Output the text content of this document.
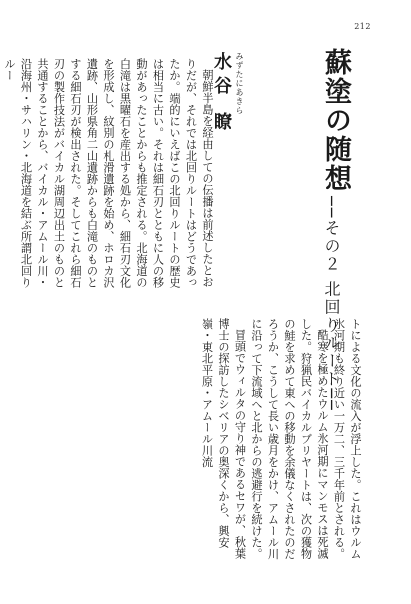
212
蘇塗の随想
──その２ 北回りルート──
みずたにあきら
水谷 瞭

朝鮮半島を経由しての伝播は前述したとおりだが、それでは北回りルートはどうであったか。端的にいえばこの北回りルートの歴史は相当に古い。それは細石刃とともに人の移動があったことからも推定される。北海道の白滝は黒曜石を産出する処から、細石刃文化を形成し、紋別の札滑遺跡を始め、ホロカ沢遺跡、山形県角二山遺跡からも白滝のものとする細石刃が検出された。そしてこれら細石刃の製作技法がバイカル湖周辺出土のものと共通することから、バイカル・アムール川・沿海州・サハリン・北海道を結ぶ所謂北回りルー

トによる文化の流入が浮上した。これはウルム氷河期も終り近い一万二、三千年前とされる。

酷寒を極めたウルム氷河期にマンモスは死滅した。狩猟民バイカルブリヤートは、次の獲物の鮭を求めて東への移動を余儀なくされたのだろうか、こうして長い歳月をかけ、アムール川に沿って下流域へと北からの逃避行を続けた。

冒頭でウィルタの守り神であるセワが、秋葉博士の探訪したシベリアの奥深くから、興安嶺・東北平原・アムール川流
